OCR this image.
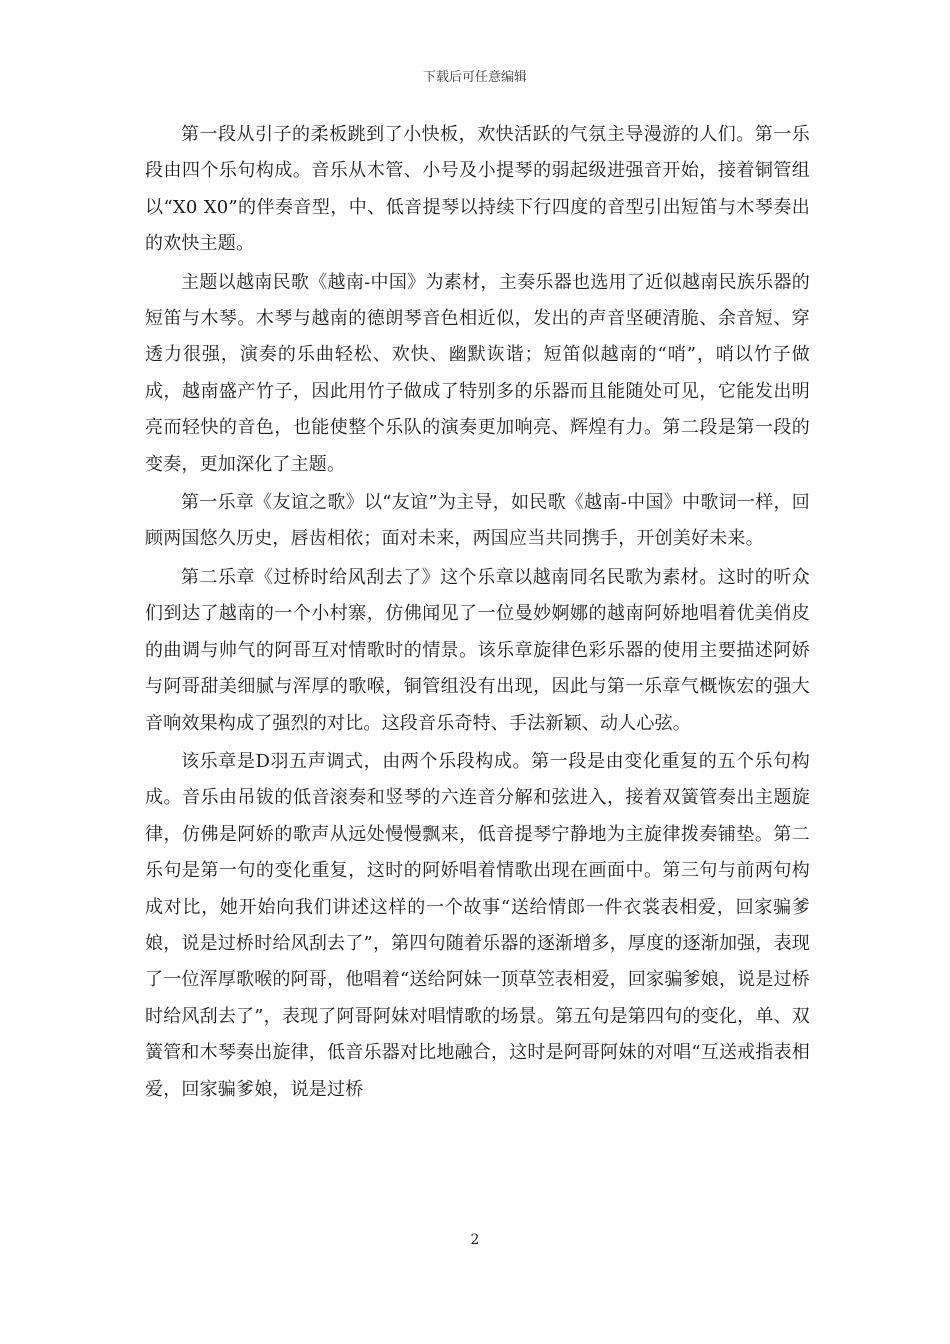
下载后可任意编辑

第一段从引子的柔板跳到了小快板，欢快活跃的气氛主导漫游的人们。第一乐段由四个乐句构成。音乐从木管、小号及小提琴的弱起级进强音开始，接着铜管组以“X0 X0”的伴奏音型，中、低音提琴以持续下行四度的音型引出短笛与木琴奏出的欢快主题。

主题以越南民歌《越南-中国》为素材，主奏乐器也选用了近似越南民族乐器的短笛与木琴。木琴与越南的德朗琴音色相近似，发出的声音坚硬清脆、余音短、穿透力很强，演奏的乐曲轻松、欢快、幽默诙谐；短笛似越南的“哨”，哨以竹子做成，越南盛产竹子，因此用竹子做成了特别多的乐器而且能随处可见，它能发出明亮而轻快的音色，也能使整个乐队的演奏更加响亮、辉煌有力。第二段是第一段的变奏，更加深化了主题。

第一乐章《友谊之歌》以“友谊”为主导，如民歌《越南-中国》中歌词一样，回顾两国悠久历史，唇齿相依；面对未来，两国应当共同携手，开创美好未来。

第二乐章《过桥时给风刮去了》这个乐章以越南同名民歌为素材。这时的听众们到达了越南的一个小村寨，仿佛闻见了一位曼妙婀娜的越南阿娇地唱着优美俏皮的曲调与帅气的阿哥互对情歌时的情景。该乐章旋律色彩乐器的使用主要描述阿娇与阿哥甜美细腻与浑厚的歌喉，铜管组没有出现，因此与第一乐章气概恢宏的强大音响效果构成了强烈的对比。这段音乐奇特、手法新颖、动人心弦。

该乐章是D羽五声调式，由两个乐段构成。第一段是由变化重复的五个乐句构成。音乐由吊钹的低音滚奏和竖琴的六连音分解和弦进入，接着双簧管奏出主题旋律，仿佛是阿娇的歌声从远处慢慢飘来，低音提琴宁静地为主旋律拨奏铺垫。第二乐句是第一句的变化重复，这时的阿娇唱着情歌出现在画面中。第三句与前两句构成对比，她开始向我们讲述这样的一个故事“送给情郎一件衣裳表相爱，回家骗爹娘，说是过桥时给风刮去了”，第四句随着乐器的逐渐增多，厚度的逐渐加强，表现了一位浑厚歌喉的阿哥，他唱着“送给阿妹一顶草笠表相爱，回家骗爹娘，说是过桥时给风刮去了”，表现了阿哥阿妹对唱情歌的场景。第五句是第四句的变化，单、双簧管和木琴奏出旋律，低音乐器对比地融合，这时是阿哥阿妹的对唱“互送戒指表相爱，回家骗爹娘，说是过桥

2
